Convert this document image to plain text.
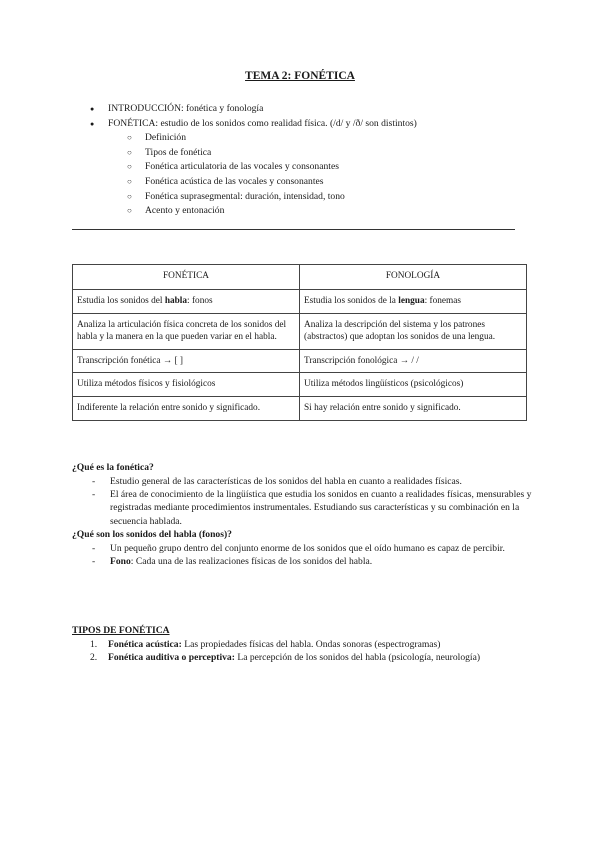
TEMA 2: FONÉTICA
● INTRODUCCIÓN: fonética y fonología
● FONÉTICA: estudio de los sonidos como realidad física. (/d/ y /ð/ son distintos)
○ Definición
○ Tipos de fonética
○ Fonética articulatoria de las vocales y consonantes
○ Fonética acústica de las vocales y consonantes
○ Fonética suprasegmental: duración, intensidad, tono
○ Acento y entonación
FONÉTICA	FONOLOGÍA
Estudia los sonidos del habla: fonos	Estudia los sonidos de la lengua: fonemas
Analiza la articulación física concreta de los sonidos del habla y la manera en la que pueden variar en el habla.	Analiza la descripción del sistema y los patrones (abstractos) que adoptan los sonidos de una lengua.
Transcripción fonética → [ ]	Transcripción fonológica → / /
Utiliza métodos físicos y fisiológicos	Utiliza métodos lingüísticos (psicológicos)
Indiferente la relación entre sonido y significado.	Si hay relación entre sonido y significado.
¿Qué es la fonética?
- Estudio general de las características de los sonidos del habla en cuanto a realidades físicas.
- El área de conocimiento de la lingüística que estudia los sonidos en cuanto a realidades físicas, mensurables y registradas mediante procedimientos instrumentales. Estudiando sus características y su combinación en la secuencia hablada.
¿Qué son los sonidos del habla (fonos)?
- Un pequeño grupo dentro del conjunto enorme de los sonidos que el oído humano es capaz de percibir.
- Fono: Cada una de las realizaciones físicas de los sonidos del habla.
TIPOS DE FONÉTICA
1. Fonética acústica: Las propiedades físicas del habla. Ondas sonoras (espectrogramas)
2. Fonética auditiva o perceptiva: La percepción de los sonidos del habla (psicología, neurología)
